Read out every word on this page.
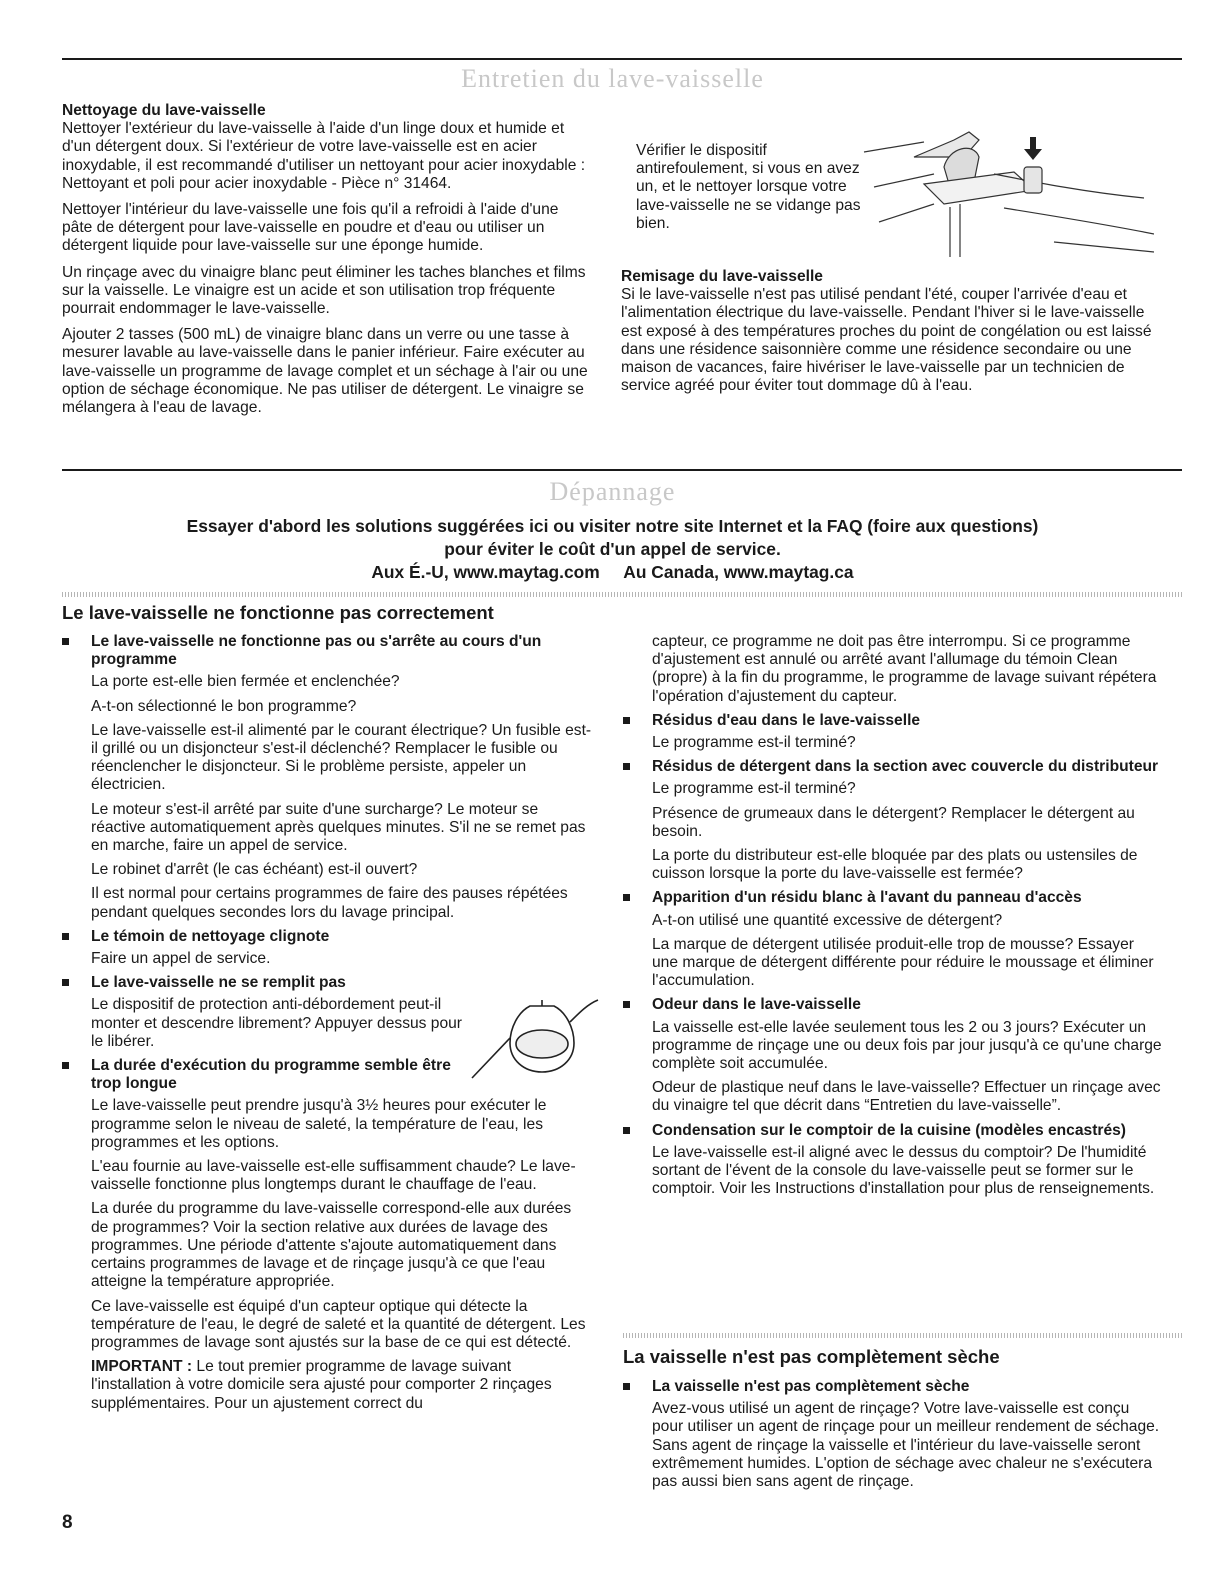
Entretien du lave-vaisselle
Nettoyage du lave-vaisselle

Nettoyer l'extérieur du lave-vaisselle à l'aide d'un linge doux et humide et d'un détergent doux. Si l'extérieur de votre lave-vaisselle est en acier inoxydable, il est recommandé d'utiliser un nettoyant pour acier inoxydable : Nettoyant et poli pour acier inoxydable - Pièce n° 31464.

Nettoyer l'intérieur du lave-vaisselle une fois qu'il a refroidi à l'aide d'une pâte de détergent pour lave-vaisselle en poudre et d'eau ou utiliser un détergent liquide pour lave-vaisselle sur une éponge humide.

Un rinçage avec du vinaigre blanc peut éliminer les taches blanches et films sur la vaisselle. Le vinaigre est un acide et son utilisation trop fréquente pourrait endommager le lave-vaisselle.

Ajouter 2 tasses (500 mL) de vinaigre blanc dans un verre ou une tasse à mesurer lavable au lave-vaisselle dans le panier inférieur. Faire exécuter au lave-vaisselle un programme de lavage complet et un séchage à l'air ou une option de séchage économique. Ne pas utiliser de détergent. Le vinaigre se mélangera à l'eau de lavage.

Vérifier le dispositif antirefoulement, si vous en avez un, et le nettoyer lorsque votre lave-vaisselle ne se vidange pas bien.
Remisage du lave-vaisselle

Si le lave-vaisselle n'est pas utilisé pendant l'été, couper l'arrivée d'eau et l'alimentation électrique du lave-vaisselle. Pendant l'hiver si le lave-vaisselle est exposé à des températures proches du point de congélation ou est laissé dans une résidence saisonnière comme une résidence secondaire ou une maison de vacances, faire hivériser le lave-vaisselle par un technicien de service agréé pour éviter tout dommage dû à l'eau.

Dépannage
Essayer d'abord les solutions suggérées ici ou visiter notre site Internet et la FAQ (foire aux questions)
pour éviter le coût d'un appel de service.
Aux É.-U, www.maytag.com     Au Canada, www.maytag.ca
Le lave-vaisselle ne fonctionne pas correctement
Le lave-vaisselle ne fonctionne pas ou s'arrête au cours d'un programme

La porte est-elle bien fermée et enclenchée?

A-t-on sélectionné le bon programme?

Le lave-vaisselle est-il alimenté par le courant électrique? Un fusible est-il grillé ou un disjoncteur s'est-il déclenché? Remplacer le fusible ou réenclencher le disjoncteur. Si le problème persiste, appeler un électricien.

Le moteur s'est-il arrêté par suite d'une surcharge? Le moteur se réactive automatiquement après quelques minutes. S'il ne se remet pas en marche, faire un appel de service.

Le robinet d'arrêt (le cas échéant) est-il ouvert?

Il est normal pour certains programmes de faire des pauses répétées pendant quelques secondes lors du lavage principal.

Le témoin de nettoyage clignote

Faire un appel de service.

Le lave-vaisselle ne se remplit pas

Le dispositif de protection anti-débordement peut-il monter et descendre librement? Appuyer dessus pour le libérer.

La durée d'exécution du programme semble être trop longue

Le lave-vaisselle peut prendre jusqu'à 3½ heures pour exécuter le programme selon le niveau de saleté, la température de l'eau, les programmes et les options.

L'eau fournie au lave-vaisselle est-elle suffisamment chaude? Le lave-vaisselle fonctionne plus longtemps durant le chauffage de l'eau.

La durée du programme du lave-vaisselle correspond-elle aux durées de programmes? Voir la section relative aux durées de lavage des programmes. Une période d'attente s'ajoute automatiquement dans certains programmes de lavage et de rinçage jusqu'à ce que l'eau atteigne la température appropriée.

Ce lave-vaisselle est équipé d'un capteur optique qui détecte la température de l'eau, le degré de saleté et la quantité de détergent. Les programmes de lavage sont ajustés sur la base de ce qui est détecté.

IMPORTANT : Le tout premier programme de lavage suivant l'installation à votre domicile sera ajusté pour comporter 2 rinçages supplémentaires. Pour un ajustement correct du

capteur, ce programme ne doit pas être interrompu. Si ce programme d'ajustement est annulé ou arrêté avant l'allumage du témoin Clean (propre) à la fin du programme, le programme de lavage suivant répétera l'opération d'ajustement du capteur.

Résidus d'eau dans le lave-vaisselle

Le programme est-il terminé?

Résidus de détergent dans la section avec couvercle du distributeur

Le programme est-il terminé?

Présence de grumeaux dans le détergent? Remplacer le détergent au besoin.

La porte du distributeur est-elle bloquée par des plats ou ustensiles de cuisson lorsque la porte du lave-vaisselle est fermée?

Apparition d'un résidu blanc à l'avant du panneau d'accès

A-t-on utilisé une quantité excessive de détergent?

La marque de détergent utilisée produit-elle trop de mousse? Essayer une marque de détergent différente pour réduire le moussage et éliminer l'accumulation.

Odeur dans le lave-vaisselle

La vaisselle est-elle lavée seulement tous les 2 ou 3 jours? Exécuter un programme de rinçage une ou deux fois par jour jusqu'à ce qu'une charge complète soit accumulée.

Odeur de plastique neuf dans le lave-vaisselle? Effectuer un rinçage avec du vinaigre tel que décrit dans “Entretien du lave-vaisselle”.

Condensation sur le comptoir de la cuisine (modèles encastrés)

Le lave-vaisselle est-il aligné avec le dessus du comptoir? De l'humidité sortant de l'évent de la console du lave-vaisselle peut se former sur le comptoir. Voir les Instructions d'installation pour plus de renseignements.

La vaisselle n'est pas complètement sèche
La vaisselle n'est pas complètement sèche

Avez-vous utilisé un agent de rinçage? Votre lave-vaisselle est conçu pour utiliser un agent de rinçage pour un meilleur rendement de séchage. Sans agent de rinçage la vaisselle et l'intérieur du lave-vaisselle seront extrêmement humides. L'option de séchage avec chaleur ne s'exécutera pas aussi bien sans agent de rinçage.

8
